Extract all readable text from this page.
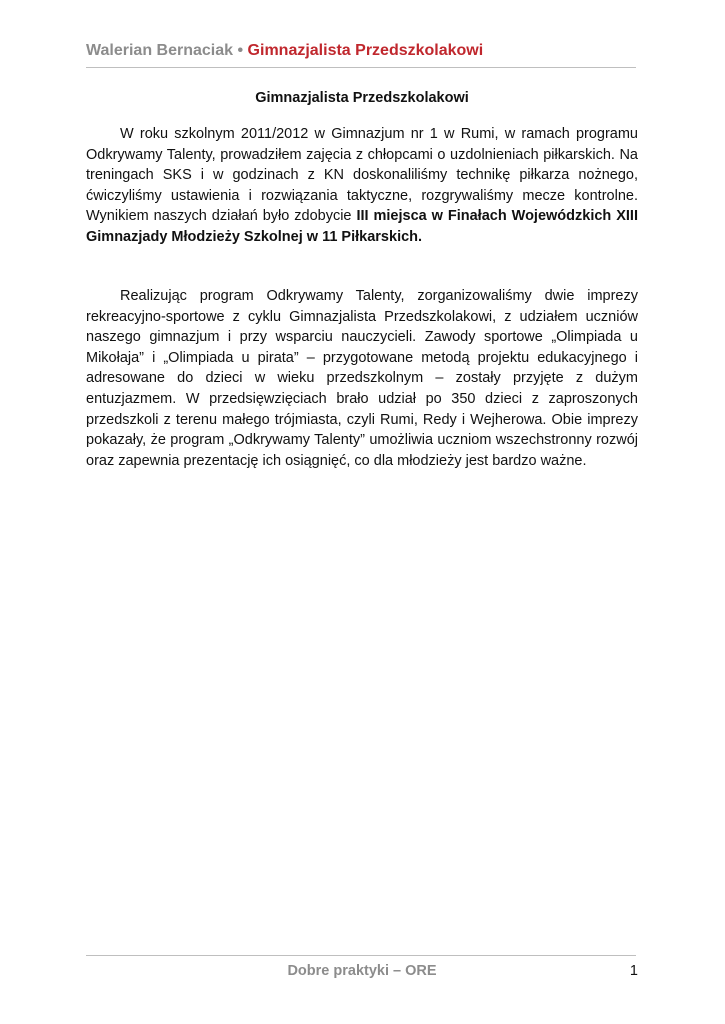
Walerian Bernaciak • Gimnazjalista Przedszkolakowi
Gimnazjalista Przedszkolakowi

W roku szkolnym 2011/2012 w Gimnazjum nr 1 w Rumi, w ramach programu Odkrywamy Talenty, prowadziłem zajęcia z chłopcami o uzdolnieniach piłkarskich. Na treningach SKS i w godzinach z KN doskonaliliśmy technikę piłkarza nożnego, ćwiczyliśmy ustawienia i rozwiązania taktyczne, rozgrywaliśmy mecze kontrolne. Wynikiem naszych działań było zdobycie III miejsca w Finałach Wojewódzkich XIII Gimnazjady Młodzieży Szkolnej w 11 Piłkarskich.

Realizując program Odkrywamy Talenty, zorganizowaliśmy dwie imprezy rekreacyjno-sportowe z cyklu Gimnazjalista Przedszkolakowi, z udziałem uczniów naszego gimnazjum i przy wsparciu nauczycieli. Zawody sportowe „Olimpiada u Mikołaja” i „Olimpiada u pirata” – przygotowane metodą projektu edukacyjnego i adresowane do dzieci w wieku przedszkolnym – zostały przyjęte z dużym entuzjazmem. W przedsięwzięciach brało udział po 350 dzieci z zaproszonych przedszkoli z terenu małego trójmiasta, czyli Rumi, Redy i Wejherowa. Obie imprezy pokazały, że program „Odkrywamy Talenty” umożliwia uczniom wszechstronny rozwój oraz zapewnia prezentację ich osiągnięć, co dla młodzieży jest bardzo ważne.

Dobre praktyki – ORE	1
